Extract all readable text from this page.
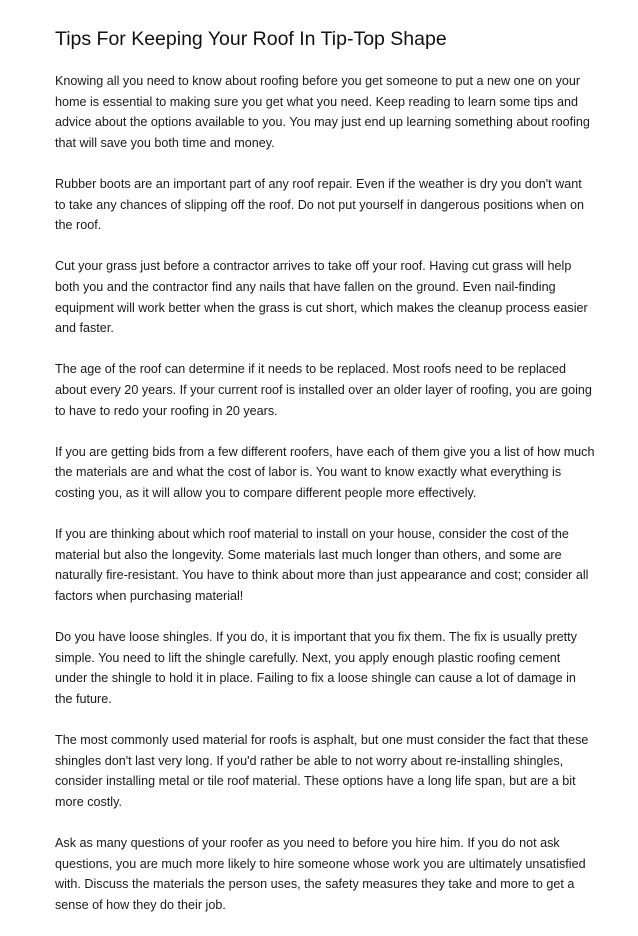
Tips For Keeping Your Roof In Tip-Top Shape

Knowing all you need to know about roofing before you get someone to put a new one on your home is essential to making sure you get what you need. Keep reading to learn some tips and advice about the options available to you. You may just end up learning something about roofing that will save you both time and money.

Rubber boots are an important part of any roof repair. Even if the weather is dry you don't want to take any chances of slipping off the roof. Do not put yourself in dangerous positions when on the roof.

Cut your grass just before a contractor arrives to take off your roof. Having cut grass will help both you and the contractor find any nails that have fallen on the ground. Even nail-finding equipment will work better when the grass is cut short, which makes the cleanup process easier and faster.

The age of the roof can determine if it needs to be replaced. Most roofs need to be replaced about every 20 years. If your current roof is installed over an older layer of roofing, you are going to have to redo your roofing in 20 years.

If you are getting bids from a few different roofers, have each of them give you a list of how much the materials are and what the cost of labor is. You want to know exactly what everything is costing you, as it will allow you to compare different people more effectively.

If you are thinking about which roof material to install on your house, consider the cost of the material but also the longevity. Some materials last much longer than others, and some are naturally fire-resistant. You have to think about more than just appearance and cost; consider all factors when purchasing material!

Do you have loose shingles. If you do, it is important that you fix them. The fix is usually pretty simple. You need to lift the shingle carefully. Next, you apply enough plastic roofing cement under the shingle to hold it in place. Failing to fix a loose shingle can cause a lot of damage in the future.

The most commonly used material for roofs is asphalt, but one must consider the fact that these shingles don't last very long. If you'd rather be able to not worry about re-installing shingles, consider installing metal or tile roof material. These options have a long life span, but are a bit more costly.

Ask as many questions of your roofer as you need to before you hire him. If you do not ask questions, you are much more likely to hire someone whose work you are ultimately unsatisfied with. Discuss the materials the person uses, the safety measures they take and more to get a sense of how they do their job.
